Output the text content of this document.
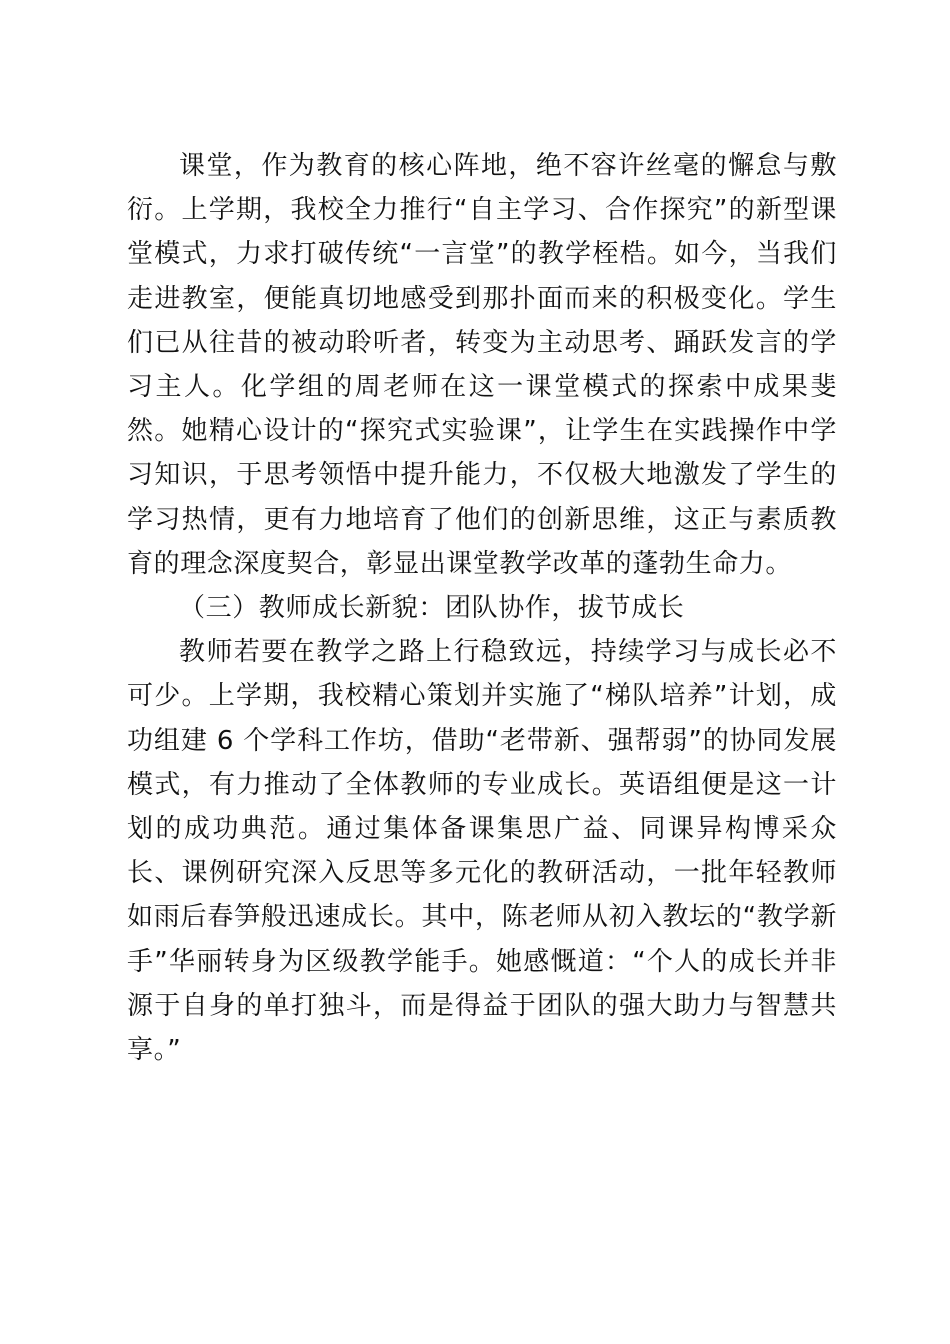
课堂，作为教育的核心阵地，绝不容许丝毫的懈怠与敷衍。上学期，我校全力推行“自主学习、合作探究”的新型课堂模式，力求打破传统“一言堂”的教学桎梏。如今，当我们走进教室，便能真切地感受到那扑面而来的积极变化。学生们已从往昔的被动聆听者，转变为主动思考、踊跃发言的学习主人。化学组的周老师在这一课堂模式的探索中成果斐然。她精心设计的“探究式实验课”，让学生在实践操作中学习知识，于思考领悟中提升能力，不仅极大地激发了学生的学习热情，更有力地培育了他们的创新思维，这正与素质教育的理念深度契合，彰显出课堂教学改革的蓬勃生命力。

（三）教师成长新貌：团队协作，拔节成长

教师若要在教学之路上行稳致远，持续学习与成长必不可少。上学期，我校精心策划并实施了“梯队培养”计划，成功组建 6 个学科工作坊，借助“老带新、强帮弱”的协同发展模式，有力推动了全体教师的专业成长。英语组便是这一计划的成功典范。通过集体备课集思广益、同课异构博采众长、课例研究深入反思等多元化的教研活动，一批年轻教师如雨后春笋般迅速成长。其中，陈老师从初入教坛的“教学新手”华丽转身为区级教学能手。她感慨道：“个人的成长并非源于自身的单打独斗，而是得益于团队的强大助力与智慧共享。”
